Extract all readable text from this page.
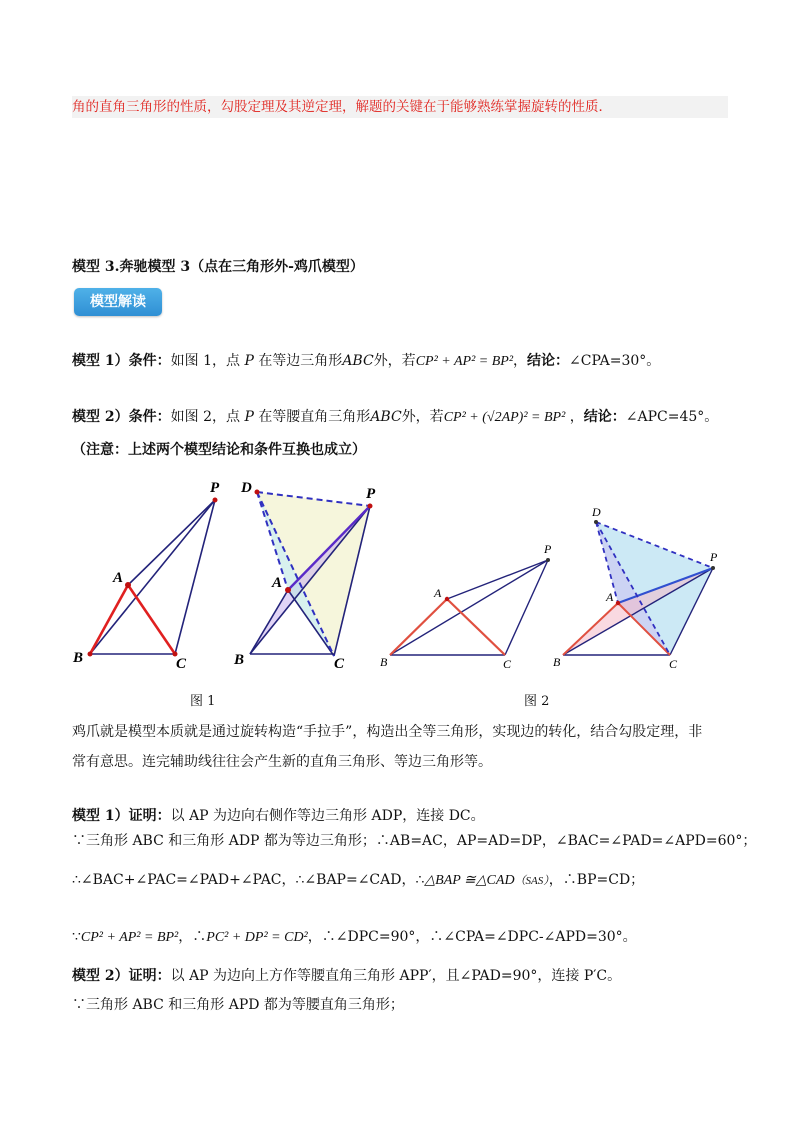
角的直角三角形的性质，勾股定理及其逆定理，解题的关键在于能够熟练掌握旋转的性质．
模型 3.奔驰模型 3（点在三角形外-鸡爪模型）
模型解读
模型 1）条件：如图 1，点 P 在等边三角形ABC外，若CP² + AP² = BP²，结论：∠CPA=30°。
模型 2）条件：如图 2，点 P 在等腰直角三角形ABC外，若CP² + (√2AP)² = BP² ，结论：∠APC=45°。
（注意：上述两个模型结论和条件互换也成立）
P
A
B	C
D	P
A
B	C
P
A
B	C
D
P
A
B	C
图 1	图 2
鸡爪就是模型本质就是通过旋转构造“手拉手”，构造出全等三角形，实现边的转化，结合勾股定理，非
常有意思。连完辅助线往往会产生新的直角三角形、等边三角形等。
模型 1）证明：以 AP 为边向右侧作等边三角形 ADP，连接 DC。
∵三角形 ABC 和三角形 ADP 都为等边三角形；∴AB=AC，AP=AD=DP，∠BAC=∠PAD=∠APD=60°；
∴∠BAC+∠PAC=∠PAD+∠PAC，∴∠BAP=∠CAD，∴△BAP ≅△CAD（SAS），∴BP=CD；
∵CP² + AP² = BP²，∴PC² + DP² = CD²，∴∠DPC=90°，∴∠CPA=∠DPC-∠APD=30°。
模型 2）证明：以 AP 为边向上方作等腰直角三角形 APP′，且∠PAD=90°，连接 P′C。
∵三角形 ABC 和三角形 APD 都为等腰直角三角形；
